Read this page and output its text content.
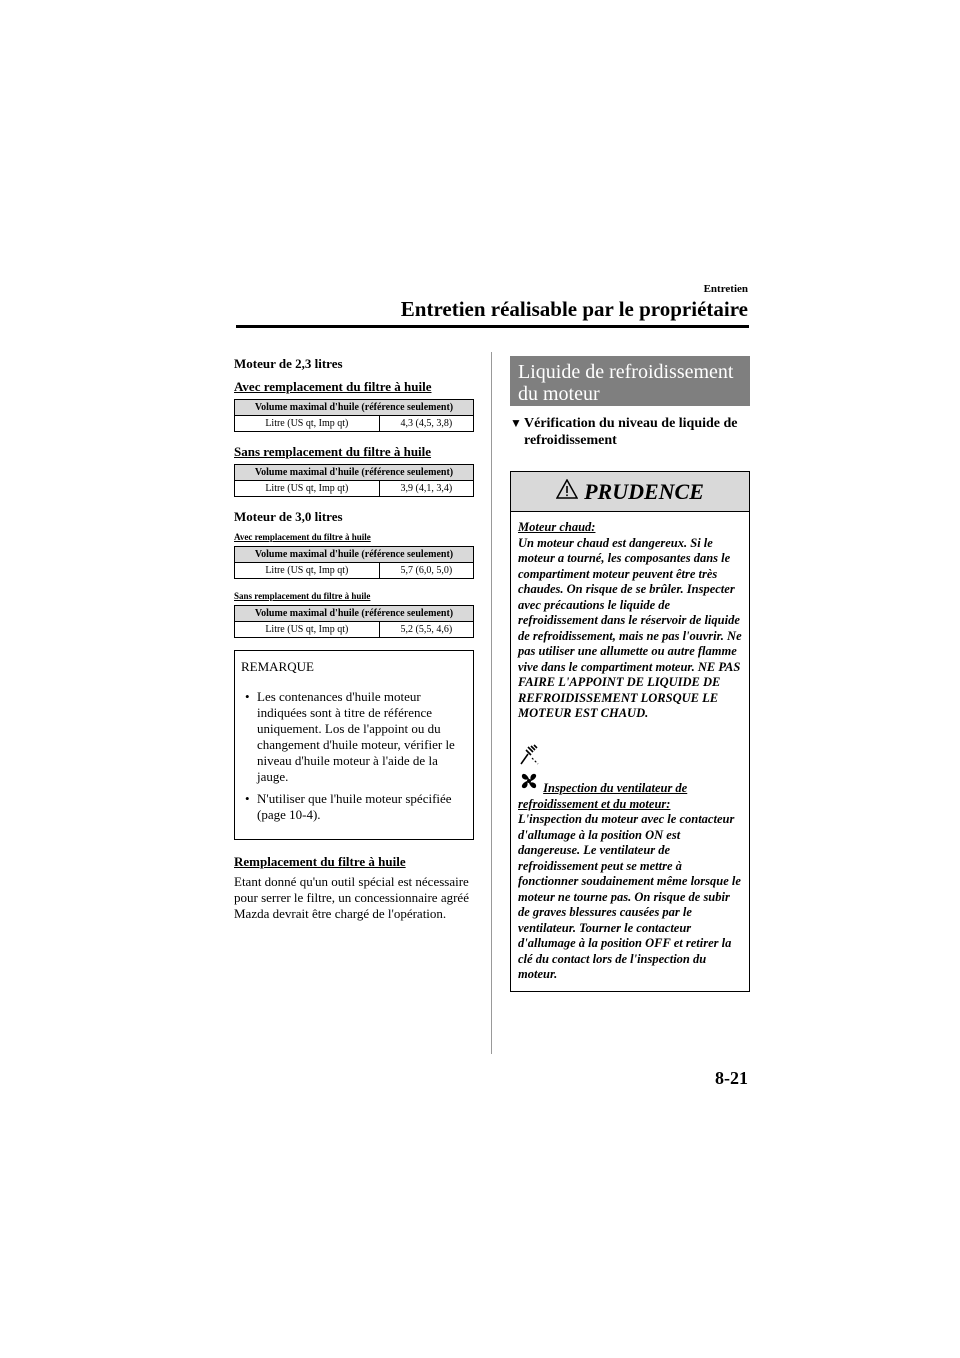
Entretien
Entretien réalisable par le propriétaire
Moteur de 2,3 litres
Avec remplacement du filtre à huile
Volume maximal d'huile (référence seulement)
Litre (US qt, Imp qt)	4,3 (4,5, 3,8)
Sans remplacement du filtre à huile
Volume maximal d'huile (référence seulement)
Litre (US qt, Imp qt)	3,9 (4,1, 3,4)
Moteur de 3,0 litres
Avec remplacement du filtre à huile
Volume maximal d'huile (référence seulement)
Litre (US qt, Imp qt)	5,7 (6,0, 5,0)
Sans remplacement du filtre à huile
Volume maximal d'huile (référence seulement)
Litre (US qt, Imp qt)	5,2 (5,5, 4,6)
REMARQUE
• Les contenances d'huile moteur indiquées sont à titre de référence uniquement. Los de l'appoint ou du changement d'huile moteur, vérifier le niveau d'huile moteur à l'aide de la jauge.
• N'utiliser que l'huile moteur spécifiée (page 10-4).
Remplacement du filtre à huile
Etant donné qu'un outil spécial est nécessaire pour serrer le filtre, un concessionnaire agréé Mazda devrait être chargé de l'opération.
Liquide de refroidissement du moteur
▼ Vérification du niveau de liquide de refroidissement
PRUDENCE
Moteur chaud:
Un moteur chaud est dangereux. Si le moteur a tourné, les composantes dans le compartiment moteur peuvent être très chaudes. On risque de se brûler. Inspecter avec précautions le liquide de refroidissement dans le réservoir de liquide de refroidissement, mais ne pas l'ouvrir. Ne pas utiliser une allumette ou autre flamme vive dans le compartiment moteur. NE PAS FAIRE L'APPOINT DE LIQUIDE DE REFROIDISSEMENT LORSQUE LE MOTEUR EST CHAUD.
Inspection du ventilateur de refroidissement et du moteur:
L'inspection du moteur avec le contacteur d'allumage à la position ON est dangereuse. Le ventilateur de refroidissement peut se mettre à fonctionner soudainement même lorsque le moteur ne tourne pas. On risque de subir de graves blessures causées par le ventilateur. Tourner le contacteur d'allumage à la position OFF et retirer la clé du contact lors de l'inspection du moteur.
8-21
